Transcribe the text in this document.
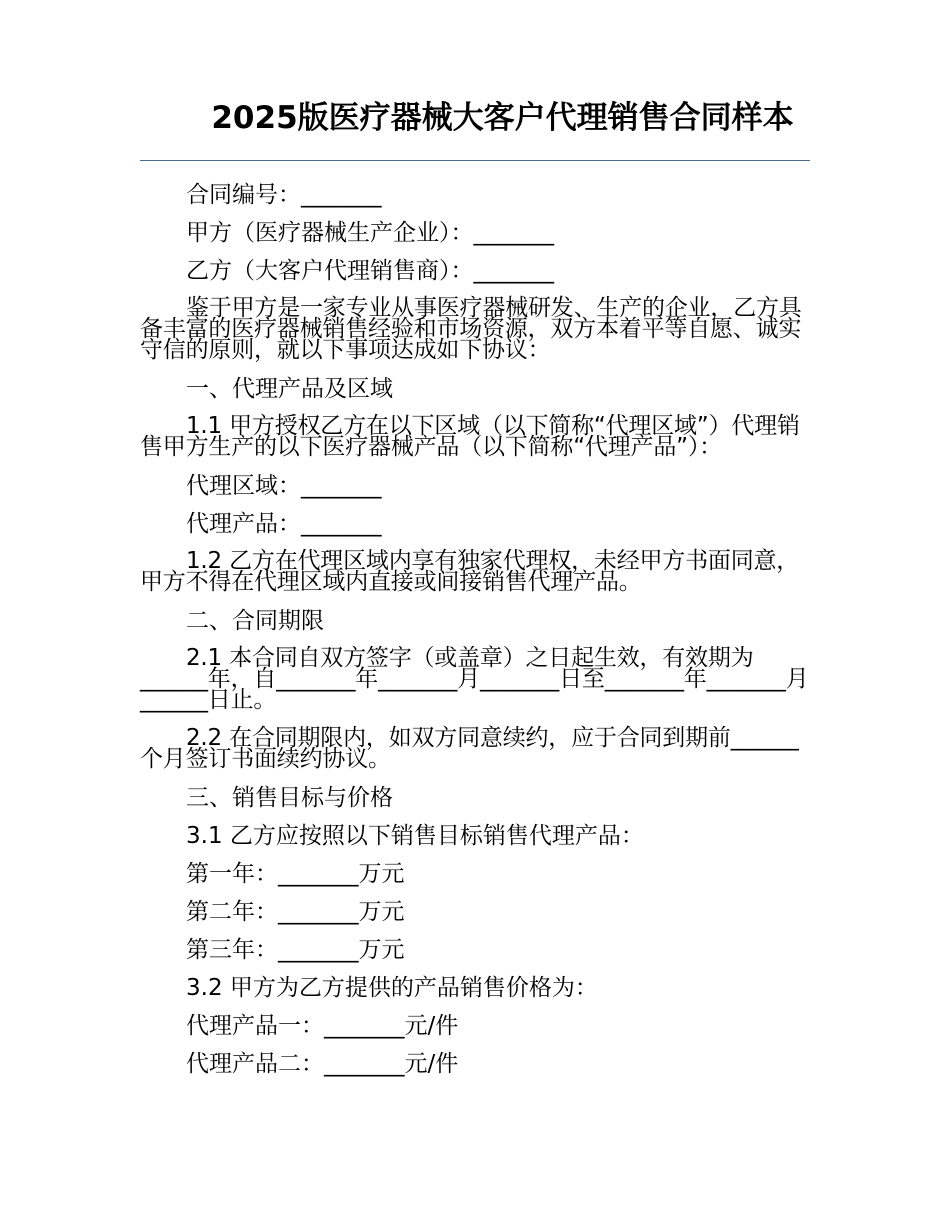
2025版医疗器械大客户代理销售合同样本

合同编号：_______

甲方（医疗器械生产企业）：_______

乙方（大客户代理销售商）：_______

鉴于甲方是一家专业从事医疗器械研发、生产的企业，乙方具备丰富的医疗器械销售经验和市场资源，双方本着平等自愿、诚实守信的原则，就以下事项达成如下协议：

一、代理产品及区域

1.1 甲方授权乙方在以下区域（以下简称“代理区域”）代理销售甲方生产的以下医疗器械产品（以下简称“代理产品”）：

代理区域：_______

代理产品：_______

1.2 乙方在代理区域内享有独家代理权，未经甲方书面同意，甲方不得在代理区域内直接或间接销售代理产品。

二、合同期限

2.1 本合同自双方签字（或盖章）之日起生效，有效期为______年，自_______年_______月_______日至_______年_______月______日止。

2.2 在合同期限内，如双方同意续约，应于合同到期前______个月签订书面续约协议。

三、销售目标与价格

3.1 乙方应按照以下销售目标销售代理产品：

第一年：_______万元

第二年：_______万元

第三年：_______万元

3.2 甲方为乙方提供的产品销售价格为：

代理产品一：_______元/件

代理产品二：_______元/件
